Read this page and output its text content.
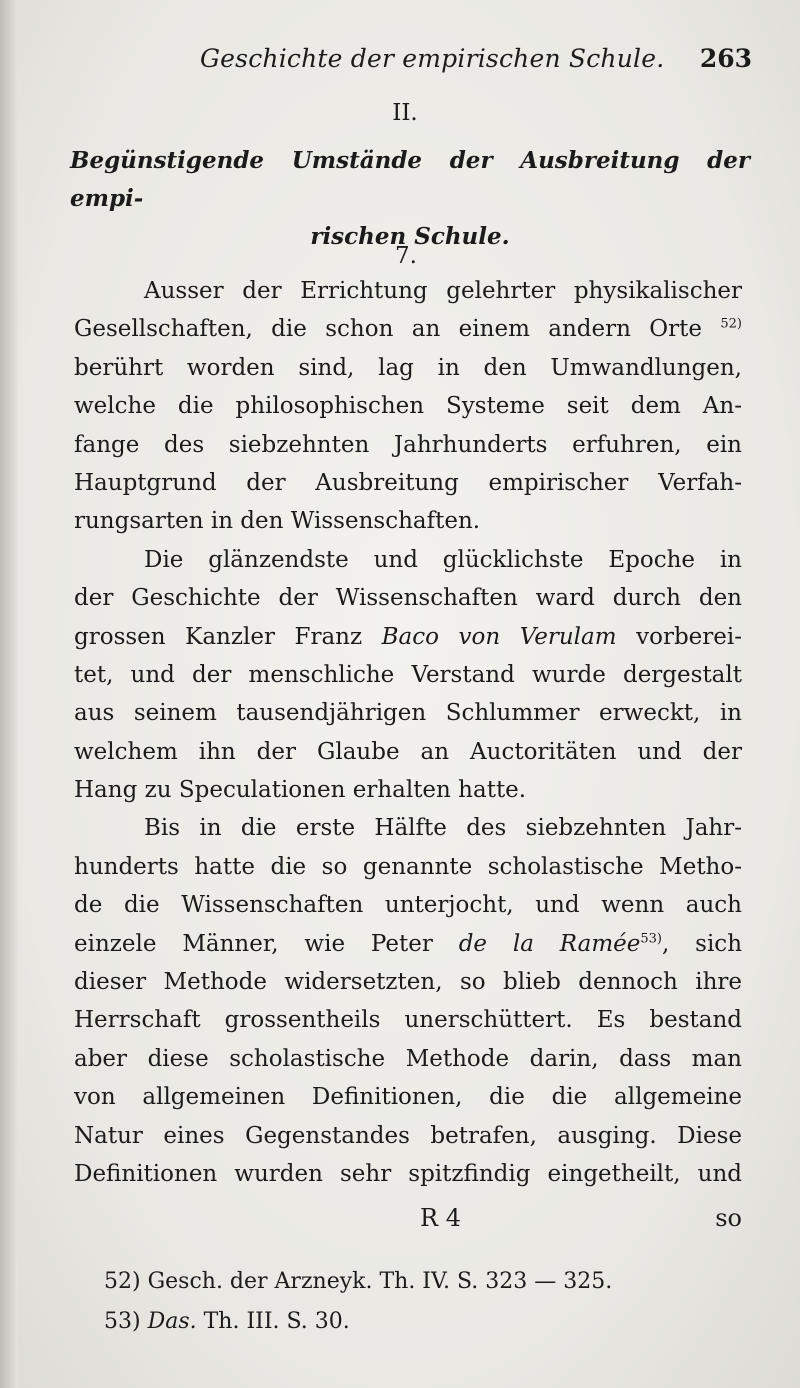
Geschichte der empirischen Schule. 263
II.
Begünstigende Umstände der Ausbreitung der empi-
rischen Schule.
7.
Ausser der Errichtung gelehrter physikalischer
Gesellschaften, die schon an einem andern Orte $^{52)}$
berührt worden sind, lag in den Umwandlungen,
welche die philosophischen Systeme seit dem An-
fange des siebzehnten Jahrhunderts erfuhren, ein
Hauptgrund der Ausbreitung empirischer Verfah-
rungsarten in den Wissenschaften.
Die glänzendste und glücklichste Epoche in
der Geschichte der Wissenschaften ward durch den
grossen Kanzler Franz Baco von Verulam vorberei-
tet, und der menschliche Verstand wurde dergestalt
aus seinem tausendjährigen Schlummer erweckt, in
welchem ihn der Glaube an Auctoritäten und der
Hang zu Speculationen erhalten hatte.
Bis in die erste Hälfte des siebzehnten Jahr-
hunderts hatte die so genannte scholastische Metho-
de die Wissenschaften unterjocht, und wenn auch
einzele Männer, wie Peter de la Ramée$^{53)}$, sich
dieser Methode widersetzten, so blieb dennoch ihre
Herrschaft grossentheils unerschüttert. Es bestand
aber diese scholastische Methode darin, dass man
von allgemeinen Definitionen, die die allgemeine
Natur eines Gegenstandes betrafen, ausging. Diese
Definitionen wurden sehr spitzfindig eingetheilt, und
R 4	so
52) Gesch. der Arzneyk. Th. IV. S. 323 — 325.
53) Das. Th. III. S. 30.
